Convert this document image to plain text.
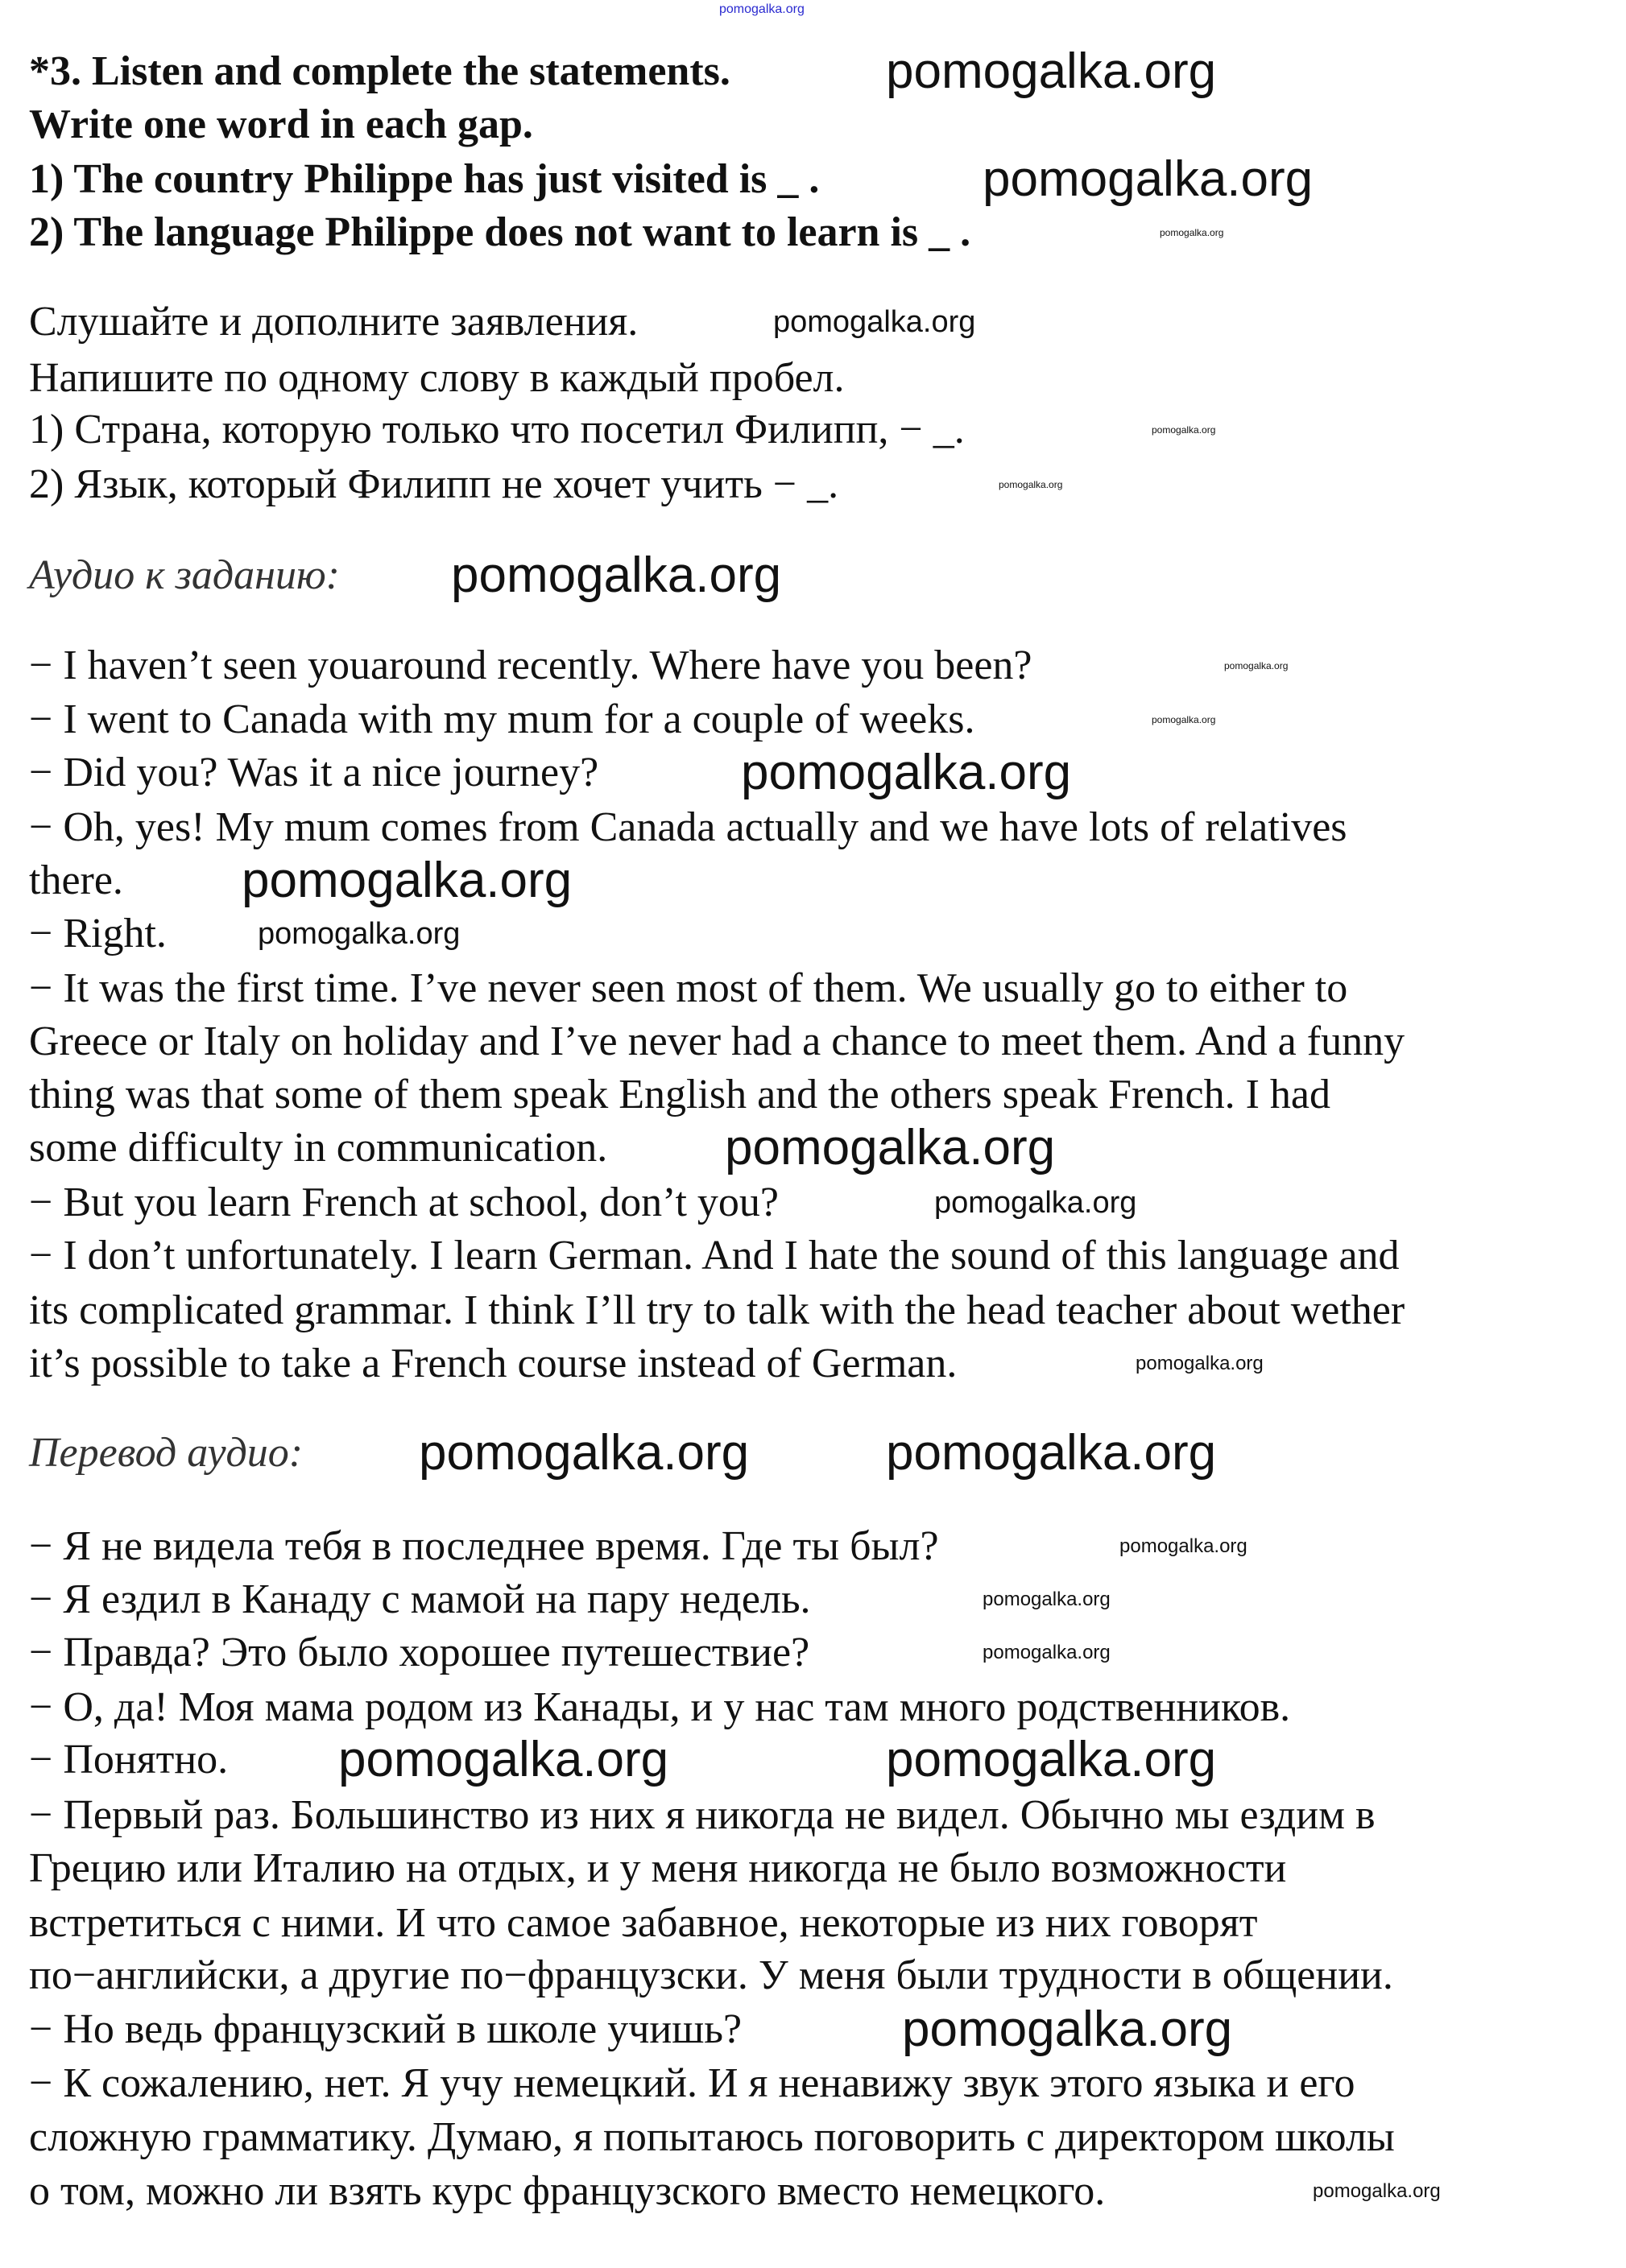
*3. Listen and complete the statements.
Write one word in each gap.
1) The country Philippe has just visited is _ .
2) The language Philippe does not want to learn is _ .
Слушайте и дополните заявления.
Напишите по одному слову в каждый пробел.
1) Страна, которую только что посетил Филипп, − _.
2) Язык, который Филипп не хочет учить − _.
Аудио к заданию:
− I haven’t seen youaround recently. Where have you been?
− I went to Canada with my mum for a couple of weeks.
− Did you? Was it a nice journey?
− Oh, yes! My mum comes from Canada actually and we have lots of relatives
there.
− Right.
− It was the first time. I’ve never seen most of them. We usually go to either to
Greece or Italy on holiday and I’ve never had a chance to meet them. And a funny
thing was that some of them speak English and the others speak French. I had
some difficulty in communication.
− But you learn French at school, don’t you?
− I don’t unfortunately. I learn German. And I hate the sound of this language and
its complicated grammar. I think I’ll try to talk with the head teacher about wether
it’s possible to take a French course instead of German.
Перевод аудио:
− Я не видела тебя в последнее время. Где ты был?
− Я ездил в Канаду с мамой на пару недель.
− Правда? Это было хорошее путешествие?
− О, да! Моя мама родом из Канады, и у нас там много родственников.
− Понятно.
− Первый раз. Большинство из них я никогда не видел. Обычно мы ездим в
Грецию или Италию на отдых, и у меня никогда не было возможности
встретиться с ними. И что самое забавное, некоторые из них говорят
по−английски, а другие по−французски. У меня были трудности в общении.
− Но ведь французский в школе учишь?
− К сожалению, нет. Я учу немецкий. И я ненавижу звук этого языка и его
сложную грамматику. Думаю, я попытаюсь поговорить с директором школы
о том, можно ли взять курс французского вместо немецкого.
pomogalka.org
pomogalka.org
pomogalka.org
pomogalka.org
pomogalka.org
pomogalka.org
pomogalka.org
pomogalka.org	pomogalka.org
pomogalka.org	pomogalka.org
pomogalka.org
pomogalka.org
pomogalka.org
pomogalka.org
pomogalka.org
pomogalka.org
pomogalka.org
pomogalka.org
pomogalka.org
pomogalka.org
pomogalka.org
pomogalka.org
pomogalka.org
pomogalka.org
